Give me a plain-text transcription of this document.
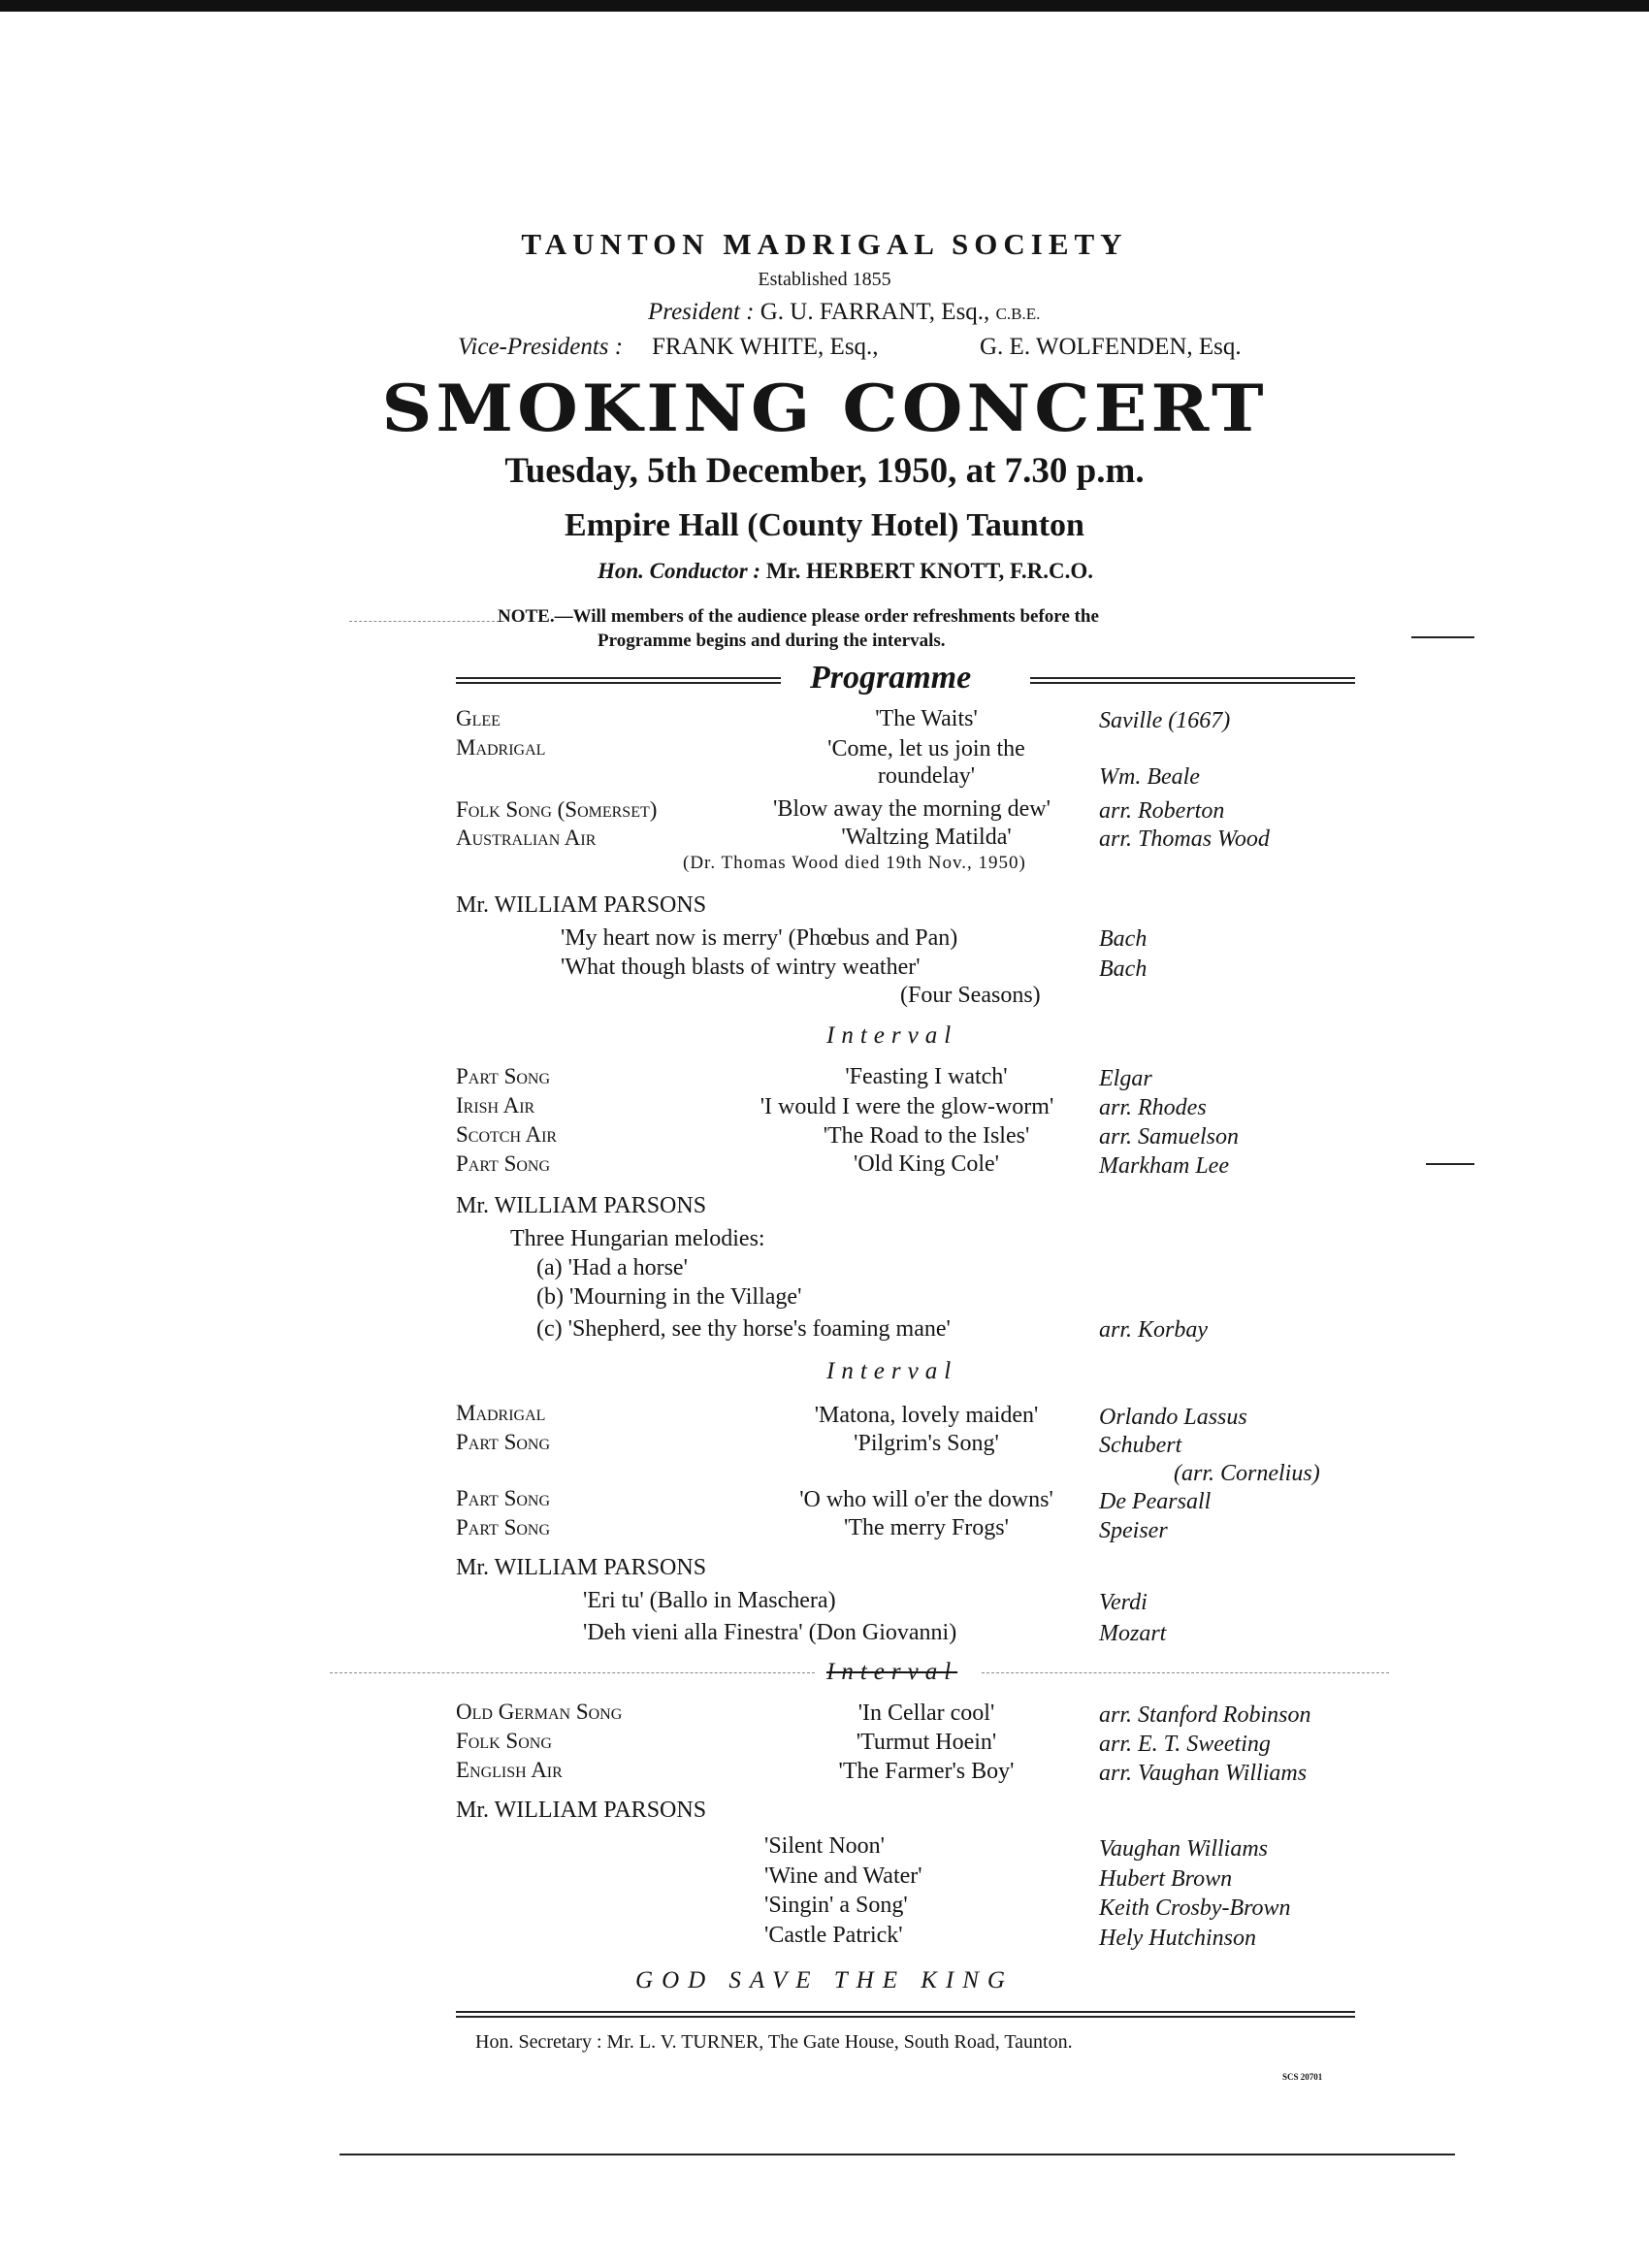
TAUNTON MADRIGAL SOCIETY
Established 1855
President : G. U. FARRANT, Esq., C.B.E.
Vice-Presidents : FRANK WHITE, Esq.,	G. E. WOLFENDEN, Esq.
SMOKING CONCERT
Tuesday, 5th December, 1950, at 7.30 p.m.
Empire Hall (County Hotel) Taunton
Hon. Conductor : Mr. HERBERT KNOTT, F.R.C.O.
NOTE.—Will members of the audience please order refreshments before the
Programme begins and during the intervals.
Programme
Glee	'The Waits'	Saville (1667)
Madrigal	'Come, let us join the
roundelay'	Wm. Beale
Folk Song (Somerset)	'Blow away the morning dew'	arr. Roberton
Australian Air	'Waltzing Matilda'	arr. Thomas Wood
(Dr. Thomas Wood died 19th Nov., 1950)
Mr. WILLIAM PARSONS
'My heart now is merry' (Phœbus and Pan)	Bach
'What though blasts of wintry weather'	Bach
(Four Seasons)
Interval
Part Song	'Feasting I watch'	Elgar
Irish Air	'I would I were the glow-worm'	arr. Rhodes
Scotch Air	'The Road to the Isles'	arr. Samuelson
Part Song	'Old King Cole'	Markham Lee
Mr. WILLIAM PARSONS
Three Hungarian melodies:
(a) 'Had a horse'
(b) 'Mourning in the Village'
(c) 'Shepherd, see thy horse's foaming mane'	arr. Korbay
Interval
Madrigal	'Matona, lovely maiden'	Orlando Lassus
Part Song	'Pilgrim's Song'	Schubert
(arr. Cornelius)
Part Song	'O who will o'er the downs'	De Pearsall
Part Song	'The merry Frogs'	Speiser
Mr. WILLIAM PARSONS
'Eri tu' (Ballo in Maschera)	Verdi
'Deh vieni alla Finestra' (Don Giovanni)	Mozart
Interval
Old German Song	'In Cellar cool'	arr. Stanford Robinson
Folk Song	'Turmut Hoein'	arr. E. T. Sweeting
English Air	'The Farmer's Boy'	arr. Vaughan Williams
Mr. WILLIAM PARSONS
'Silent Noon'	Vaughan Williams
'Wine and Water'	Hubert Brown
'Singin' a Song'	Keith Crosby-Brown
'Castle Patrick'	Hely Hutchinson
GOD SAVE THE KING
Hon. Secretary : Mr. L. V. TURNER, The Gate House, South Road, Taunton.
SCS 20701
